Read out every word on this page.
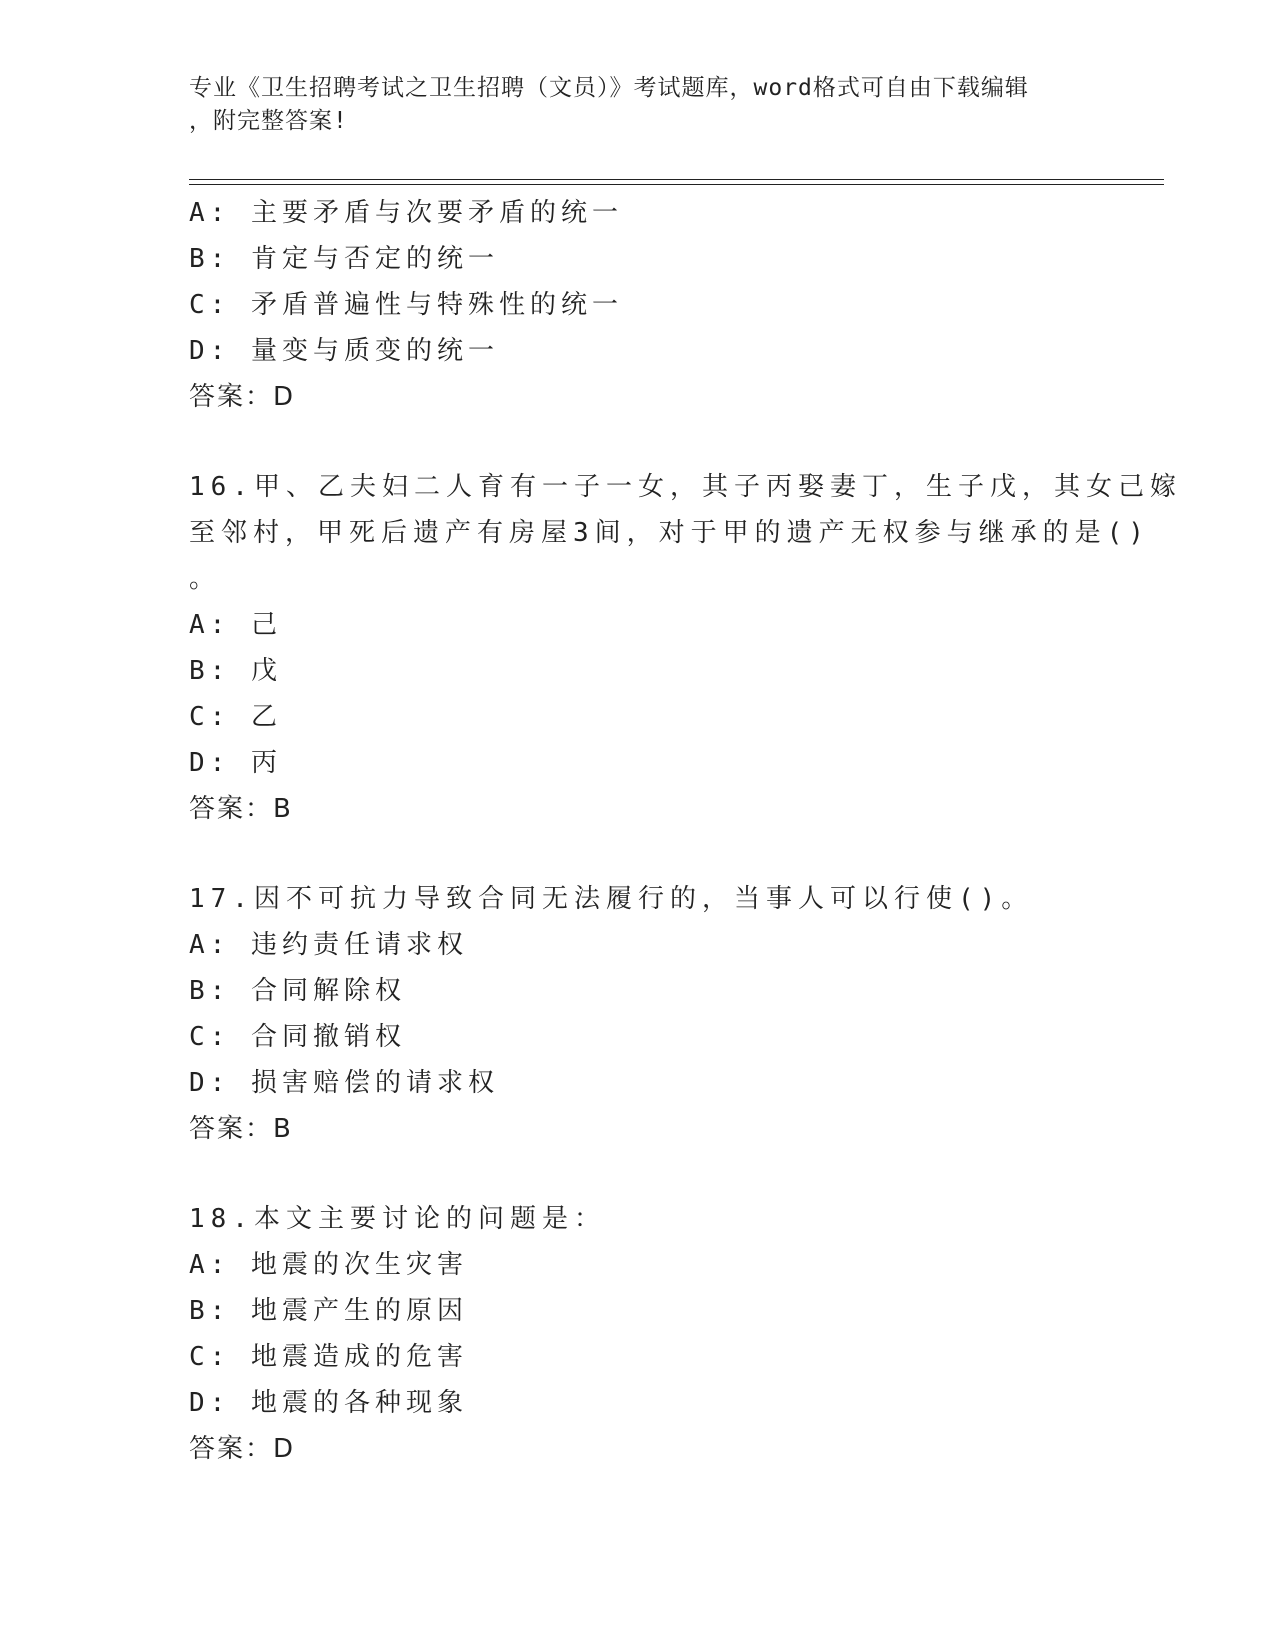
专业《卫生招聘考试之卫生招聘（文员）》考试题库，word格式可自由下载编辑
，附完整答案!
A: 主要矛盾与次要矛盾的统一
B: 肯定与否定的统一
C: 矛盾普遍性与特殊性的统一
D: 量变与质变的统一
答案：D
16.甲、乙夫妇二人育有一子一女，其子丙娶妻丁，生子戊，其女己嫁
至邻村，甲死后遗产有房屋3间，对于甲的遗产无权参与继承的是()
。
A: 己
B: 戊
C: 乙
D: 丙
答案：B
17.因不可抗力导致合同无法履行的，当事人可以行使()。
A: 违约责任请求权
B: 合同解除权
C: 合同撤销权
D: 损害赔偿的请求权
答案：B
18.本文主要讨论的问题是：
A: 地震的次生灾害
B: 地震产生的原因
C: 地震造成的危害
D: 地震的各种现象
答案：D
